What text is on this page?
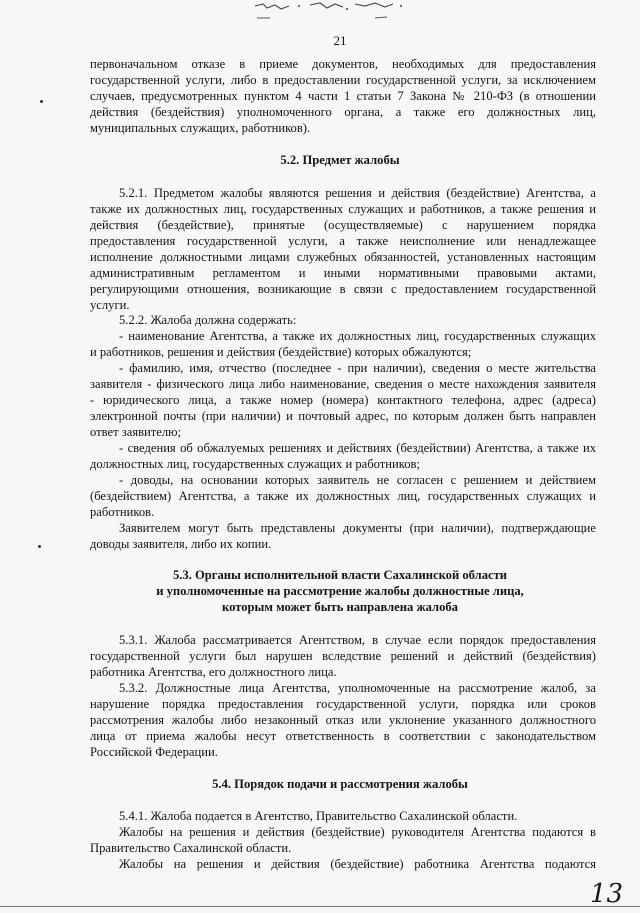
21
первоначальном отказе в приеме документов, необходимых для предоставления
государственной услуги, либо в предоставлении государственной услуги, за исключением
случаев, предусмотренных пунктом 4 части 1 статьи 7 Закона № 210-ФЗ (в отношении
действия (бездействия) уполномоченного органа, а также его должностных лиц,
муниципальных служащих, работников).
5.2. Предмет жалобы
5.2.1. Предметом жалобы являются решения и действия (бездействие) Агентства, а
также их должностных лиц, государственных служащих и работников, а также решения и
действия (бездействие), принятые (осуществляемые) с нарушением порядка
предоставления государственной услуги, а также неисполнение или ненадлежащее
исполнение должностными лицами служебных обязанностей, установленных настоящим
административным регламентом и иными нормативными правовыми актами,
регулирующими отношения, возникающие в связи с предоставлением государственной
услуги.
5.2.2. Жалоба должна содержать:
- наименование Агентства, а также их должностных лиц, государственных служащих
и работников, решения и действия (бездействие) которых обжалуются;
- фамилию, имя, отчество (последнее - при наличии), сведения о месте жительства
заявителя - физического лица либо наименование, сведения о месте нахождения заявителя
- юридического лица, а также номер (номера) контактного телефона, адрес (адреса)
электронной почты (при наличии) и почтовый адрес, по которым должен быть направлен
ответ заявителю;
- сведения об обжалуемых решениях и действиях (бездействии) Агентства, а также их
должностных лиц, государственных служащих и работников;
- доводы, на основании которых заявитель не согласен с решением и действием
(бездействием) Агентства, а также их должностных лиц, государственных служащих и
работников.
Заявителем могут быть представлены документы (при наличии), подтверждающие
доводы заявителя, либо их копии.
5.3. Органы исполнительной власти Сахалинской области
и уполномоченные на рассмотрение жалобы должностные лица,
которым может быть направлена жалоба
5.3.1. Жалоба рассматривается Агентством, в случае если порядок предоставления
государственной услуги был нарушен вследствие решений и действий (бездействия)
работника Агентства, его должностного лица.
5.3.2. Должностные лица Агентства, уполномоченные на рассмотрение жалоб, за
нарушение порядка предоставления государственной услуги, порядка или сроков
рассмотрения жалобы либо незаконный отказ или уклонение указанного должностного
лица от приема жалобы несут ответственность в соответствии с законодательством
Российской Федерации.
5.4. Порядок подачи и рассмотрения жалобы
5.4.1. Жалоба подается в Агентство, Правительство Сахалинской области.
Жалобы на решения и действия (бездействие) руководителя Агентства подаются в
Правительство Сахалинской области.
Жалобы на решения и действия (бездействие) работника Агентства подаются
13
